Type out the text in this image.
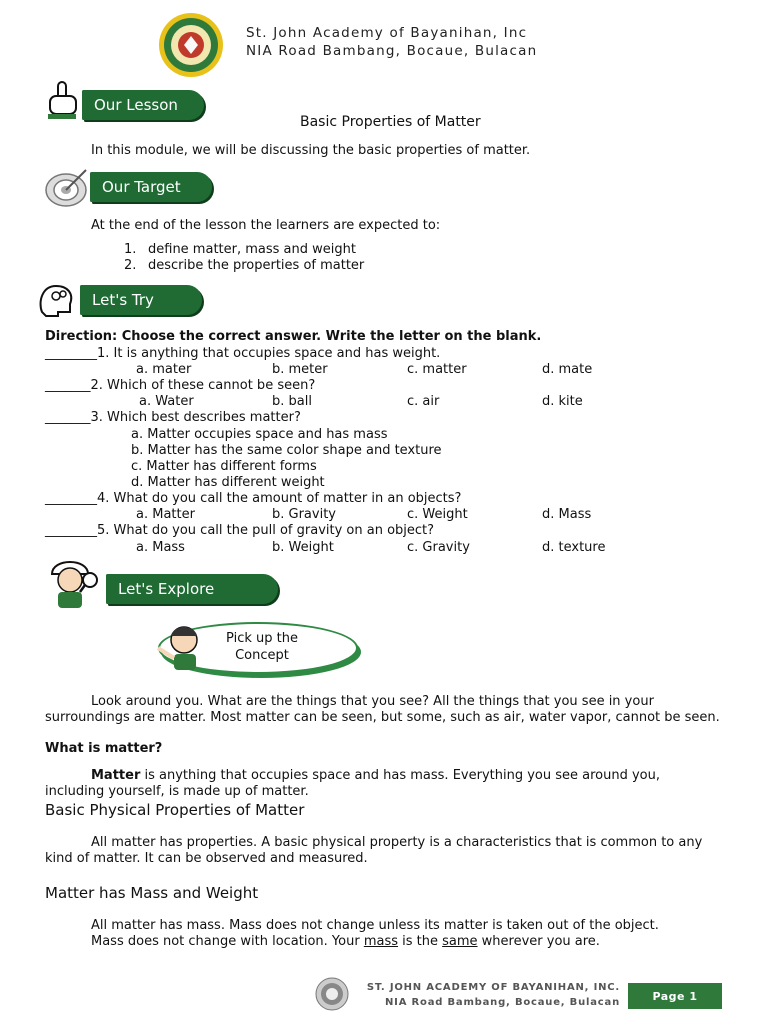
St. John Academy of Bayanihan, Inc
NIA Road Bambang, Bocaue, Bulacan
Our Lesson
Basic Properties of Matter
In this module, we will be discussing the basic properties of matter.
Our Target
At the end of the lesson the learners are expected to:
1. define matter, mass and weight
2. describe the properties of matter
Let's Try
Direction: Choose the correct answer. Write the letter on the blank.
________1. It is anything that occupies space and has weight.
a. mater	b. meter	c. matter	d. mate
_______2. Which of these cannot be seen?
a. Water	b. ball	c. air	d. kite
_______3. Which best describes matter?
a. Matter occupies space and has mass
b. Matter has the same color shape and texture
c. Matter has different forms
d. Matter has different weight
________4. What do you call the amount of matter in an objects?
a. Matter	b. Gravity	c. Weight	d. Mass
________5. What do you call the pull of gravity on an object?
a. Mass	b. Weight	c. Gravity	d. texture
Let's Explore
Pick up the
Concept
Look around you. What are the things that you see? All the things that you see in your surroundings are matter. Most matter can be seen, but some, such as air, water vapor, cannot be seen.
What is matter?
Matter is anything that occupies space and has mass. Everything you see around you, including yourself, is made up of matter.
Basic Physical Properties of Matter
All matter has properties. A basic physical property is a characteristics that is common to any kind of matter. It can be observed and measured.
Matter has Mass and Weight
All matter has mass. Mass does not change unless its matter is taken out of the object.
Mass does not change with location. Your mass is the same wherever you are.
ST. JOHN ACADEMY OF BAYANIHAN, INC.
NIA Road Bambang, Bocaue, Bulacan	Page 1
